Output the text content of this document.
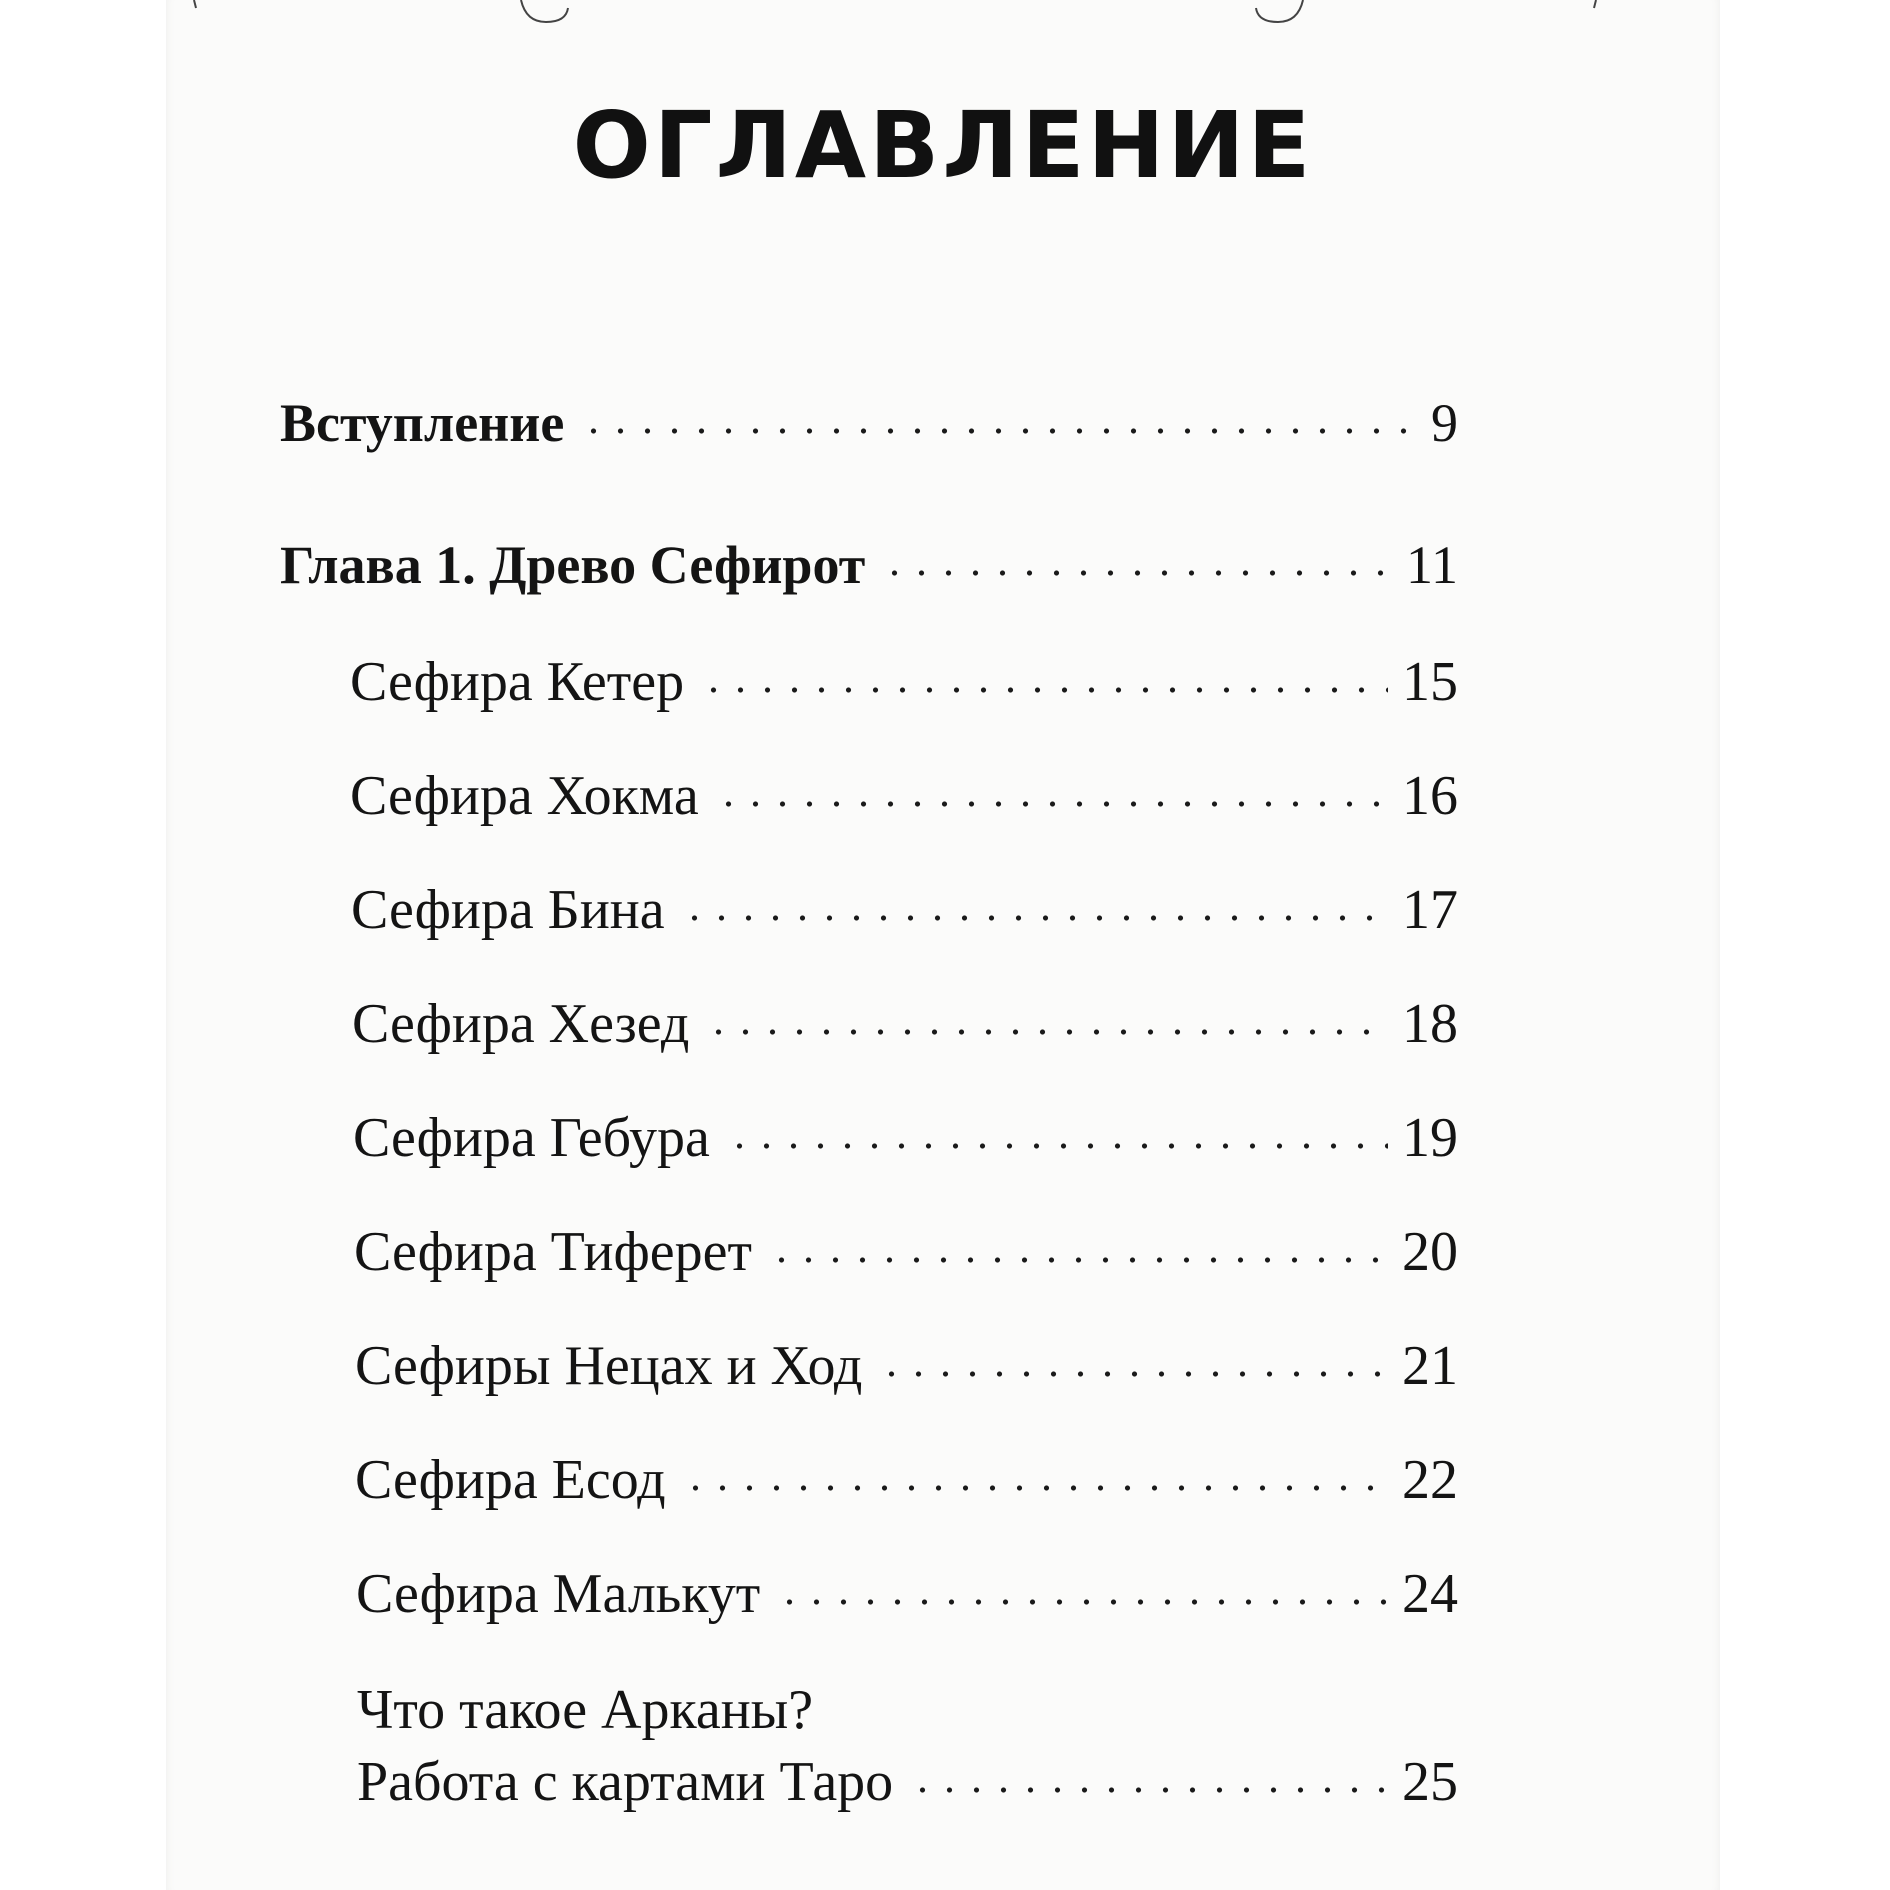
ОГЛАВЛЕНИЕ
Вступление	9
Глава 1. Древо Сефирот	11
Сефира Кетер	15
Сефира Хокма	16
Сефира Бина	17
Сефира Хезед	18
Сефира Гебура	19
Сефира Тиферет	20
Сефиры Нецах и Ход	21
Сефира Есод	22
Сефира Малькут	24
Что такое Арканы?
Работа с картами Таро	25
